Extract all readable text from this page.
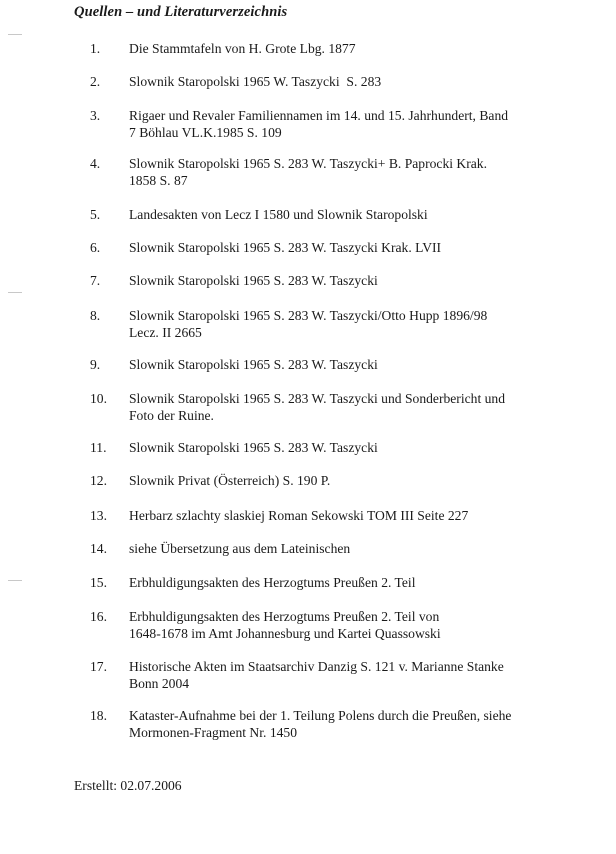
Quellen – und Literaturverzeichnis
1.	Die Stammtafeln von H. Grote Lbg. 1877
2.	Slownik Staropolski 1965 W. Taszycki  S. 283
3.	Rigaer und Revaler Familiennamen im 14. und 15. Jahrhundert, Band
7 Böhlau VL.K.1985 S. 109
4.	Slownik Staropolski 1965 S. 283 W. Taszycki+ B. Paprocki Krak.
1858 S. 87
5.	Landesakten von Lecz I 1580 und Slownik Staropolski
6.	Slownik Staropolski 1965 S. 283 W. Taszycki Krak. LVII
7.	Slownik Staropolski 1965 S. 283 W. Taszycki
8.	Slownik Staropolski 1965 S. 283 W. Taszycki/Otto Hupp 1896/98
Lecz. II 2665
9.	Slownik Staropolski 1965 S. 283 W. Taszycki
10.	Slownik Staropolski 1965 S. 283 W. Taszycki und Sonderbericht und
Foto der Ruine.
11.	Slownik Staropolski 1965 S. 283 W. Taszycki
12.	Slownik Privat (Österreich) S. 190 P.
13.	Herbarz szlachty slaskiej Roman Sekowski TOM III Seite 227
14.	siehe Übersetzung aus dem Lateinischen
15.	Erbhuldigungsakten des Herzogtums Preußen 2. Teil
16.	Erbhuldigungsakten des Herzogtums Preußen 2. Teil von
1648-1678 im Amt Johannesburg und Kartei Quassowski
17.	Historische Akten im Staatsarchiv Danzig S. 121 v. Marianne Stanke
Bonn 2004
18.	Kataster-Aufnahme bei der 1. Teilung Polens durch die Preußen, siehe
Mormonen-Fragment Nr. 1450
Erstellt: 02.07.2006
